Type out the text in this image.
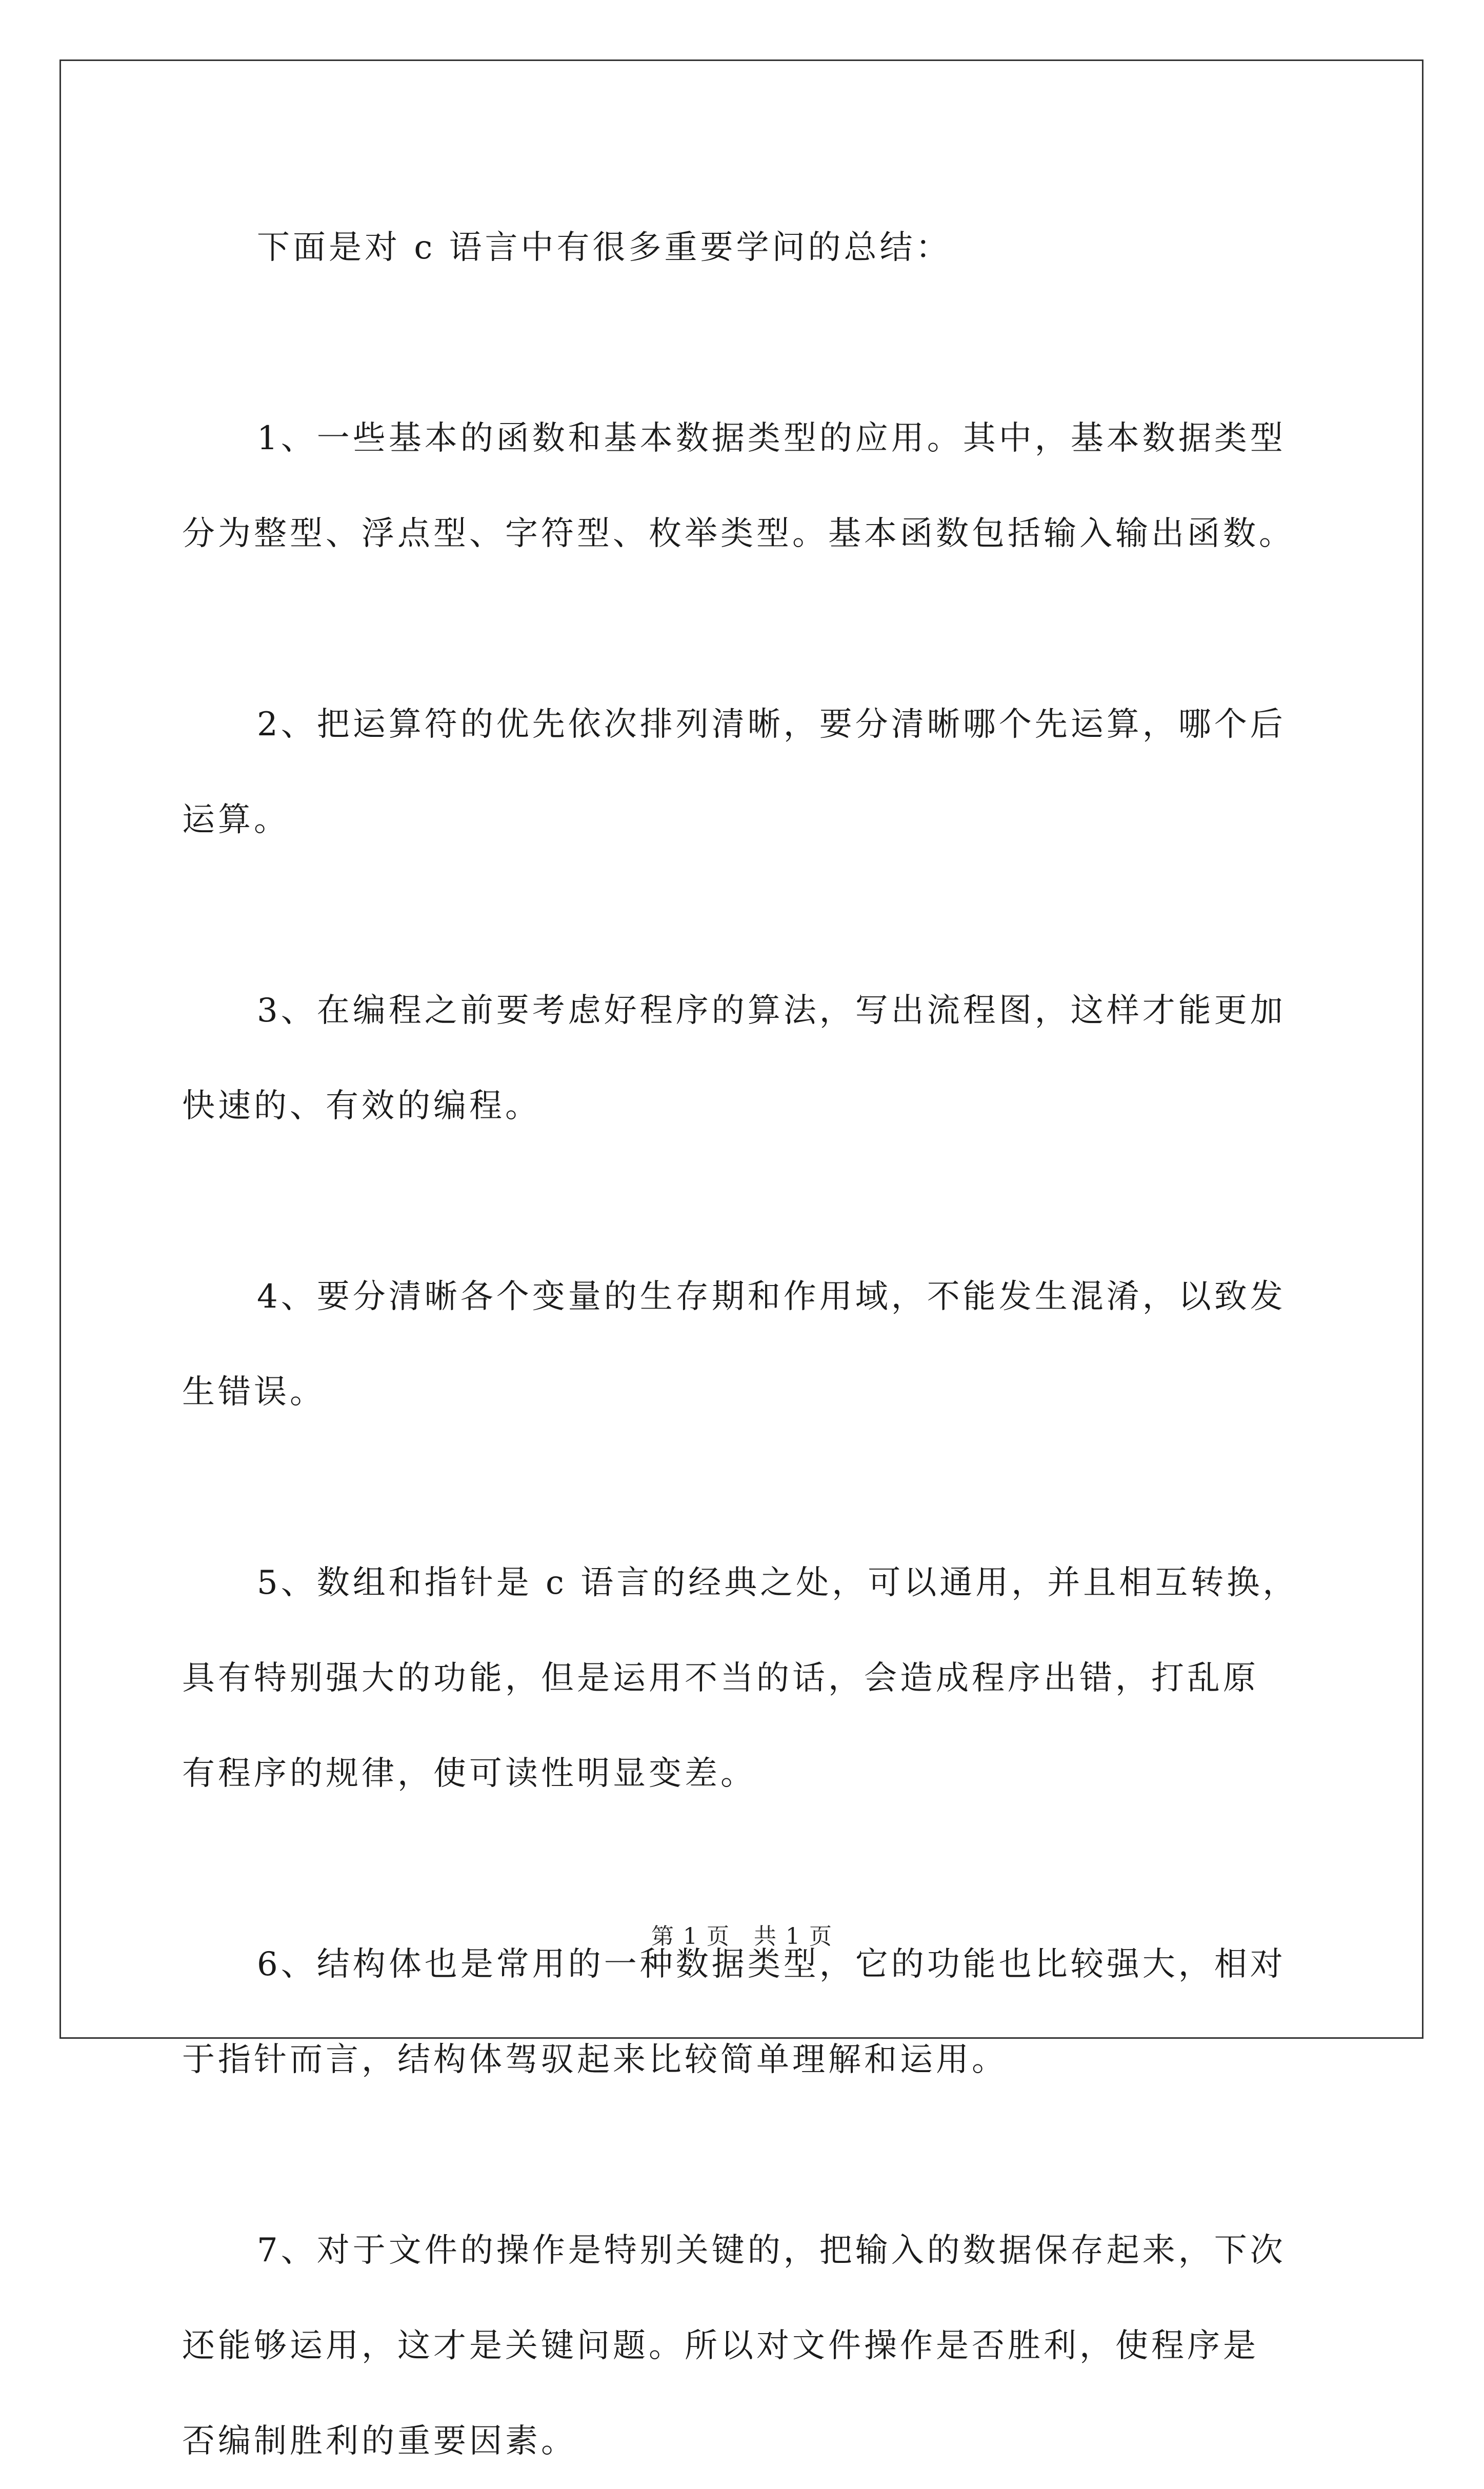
下面是对 c 语言中有很多重要学问的总结：
1、一些基本的函数和基本数据类型的应用。其中，基本数据类型
分为整型、浮点型、字符型、枚举类型。基本函数包括输入输出函数。
2、把运算符的优先依次排列清晰，要分清晰哪个先运算，哪个后
运算。
3、在编程之前要考虑好程序的算法，写出流程图，这样才能更加
快速的、有效的编程。
4、要分清晰各个变量的生存期和作用域，不能发生混淆，以致发
生错误。
5、数组和指针是 c 语言的经典之处，可以通用，并且相互转换，
具有特别强大的功能，但是运用不当的话，会造成程序出错，打乱原
有程序的规律，使可读性明显变差。
6、结构体也是常用的一种数据类型，它的功能也比较强大，相对
于指针而言，结构体驾驭起来比较简单理解和运用。
7、对于文件的操作是特别关键的，把输入的数据保存起来，下次
还能够运用，这才是关键问题。所以对文件操作是否胜利，使程序是
否编制胜利的重要因素。
第 1 页 共 1 页
